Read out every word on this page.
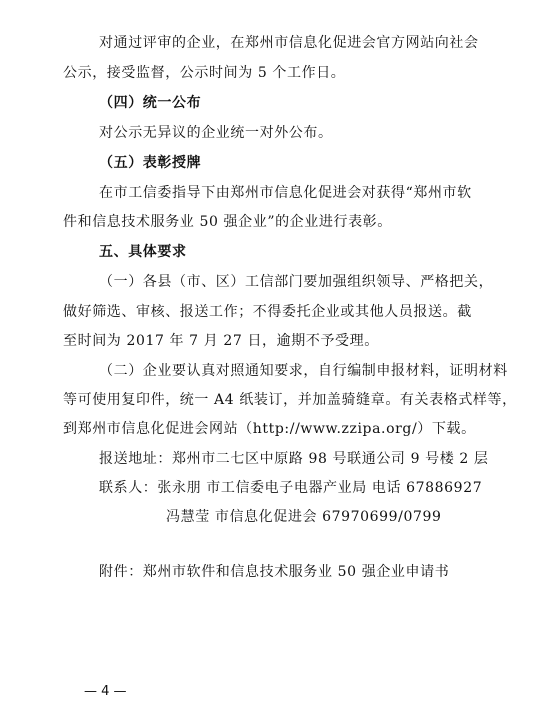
对通过评审的企业，在郑州市信息化促进会官方网站向社会
公示，接受监督，公示时间为 5 个工作日。
（四）统一公布
对公示无异议的企业统一对外公布。
（五）表彰授牌
在市工信委指导下由郑州市信息化促进会对获得“郑州市软
件和信息技术服务业 50 强企业”的企业进行表彰。
五、具体要求
（一）各县（市、区）工信部门要加强组织领导、严格把关，
做好筛选、审核、报送工作；不得委托企业或其他人员报送。截
至时间为 2017 年 7 月 27 日，逾期不予受理。
（二）企业要认真对照通知要求，自行编制申报材料，证明材料
等可使用复印件，统一 A4 纸装订，并加盖骑缝章。有关表格式样等，
到郑州市信息化促进会网站（http://www.zzipa.org/）下载。
报送地址：郑州市二七区中原路 98 号联通公司 9 号楼 2 层
联系人：张永朋 市工信委电子电器产业局 电话 67886927
冯慧莹 市信息化促进会 67970699/0799
附件：郑州市软件和信息技术服务业 50 强企业申请书
— 4 —
